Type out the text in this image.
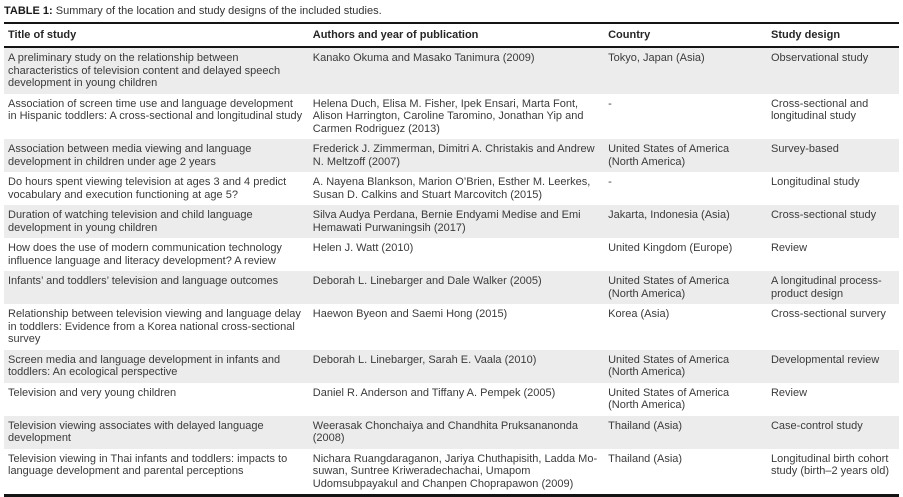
TABLE 1: Summary of the location and study designs of the included studies.
Title of study	Authors and year of publication	Country	Study design
A preliminary study on the relationship between characteristics of television content and delayed speech development in young children	Kanako Okuma and Masako Tanimura (2009)	Tokyo, Japan (Asia)	Observational study
Association of screen time use and language development in Hispanic toddlers: A cross-sectional and longitudinal study	Helena Duch, Elisa M. Fisher, Ipek Ensari, Marta Font, Alison Harrington, Caroline Taromino, Jonathan Yip and Carmen Rodriguez (2013)	-	Cross-sectional and longitudinal study
Association between media viewing and language development in children under age 2 years	Frederick J. Zimmerman, Dimitri A. Christakis and Andrew N. Meltzoff (2007)	United States of America (North America)	Survey-based
Do hours spent viewing television at ages 3 and 4 predict vocabulary and execution functioning at age 5?	A. Nayena Blankson, Marion O’Brien, Esther M. Leerkes, Susan D. Calkins and Stuart Marcovitch (2015)	-	Longitudinal study
Duration of watching television and child language development in young children	Silva Audya Perdana, Bernie Endyami Medise and Emi Hemawati Purwaningsih (2017)	Jakarta, Indonesia (Asia)	Cross-sectional study
How does the use of modern communication technology influence language and literacy development? A review	Helen J. Watt (2010)	United Kingdom (Europe)	Review
Infants’ and toddlers’ television and language outcomes	Deborah L. Linebarger and Dale Walker (2005)	United States of America (North America)	A longitudinal process-product design
Relationship between television viewing and language delay in toddlers: Evidence from a Korea national cross-sectional survey	Haewon Byeon and Saemi Hong (2015)	Korea (Asia)	Cross-sectional survery
Screen media and language development in infants and toddlers: An ecological perspective	Deborah L. Linebarger, Sarah E. Vaala (2010)	United States of America (North America)	Developmental review
Television and very young children	Daniel R. Anderson and Tiffany A. Pempek (2005)	United States of America (North America)	Review
Television viewing associates with delayed language development	Weerasak Chonchaiya and Chandhita Pruksananonda (2008)	Thailand (Asia)	Case-control study
Television viewing in Thai infants and toddlers: impacts to language development and parental perceptions	Nichara Ruangdaraganon, Jariya Chuthapisith, Ladda Mo-suwan, Suntree Kriweradechachai, Umapom Udomsubpayakul and Chanpen Choprapawon (2009)	Thailand (Asia)	Longitudinal birth cohort study (birth–2 years old)
